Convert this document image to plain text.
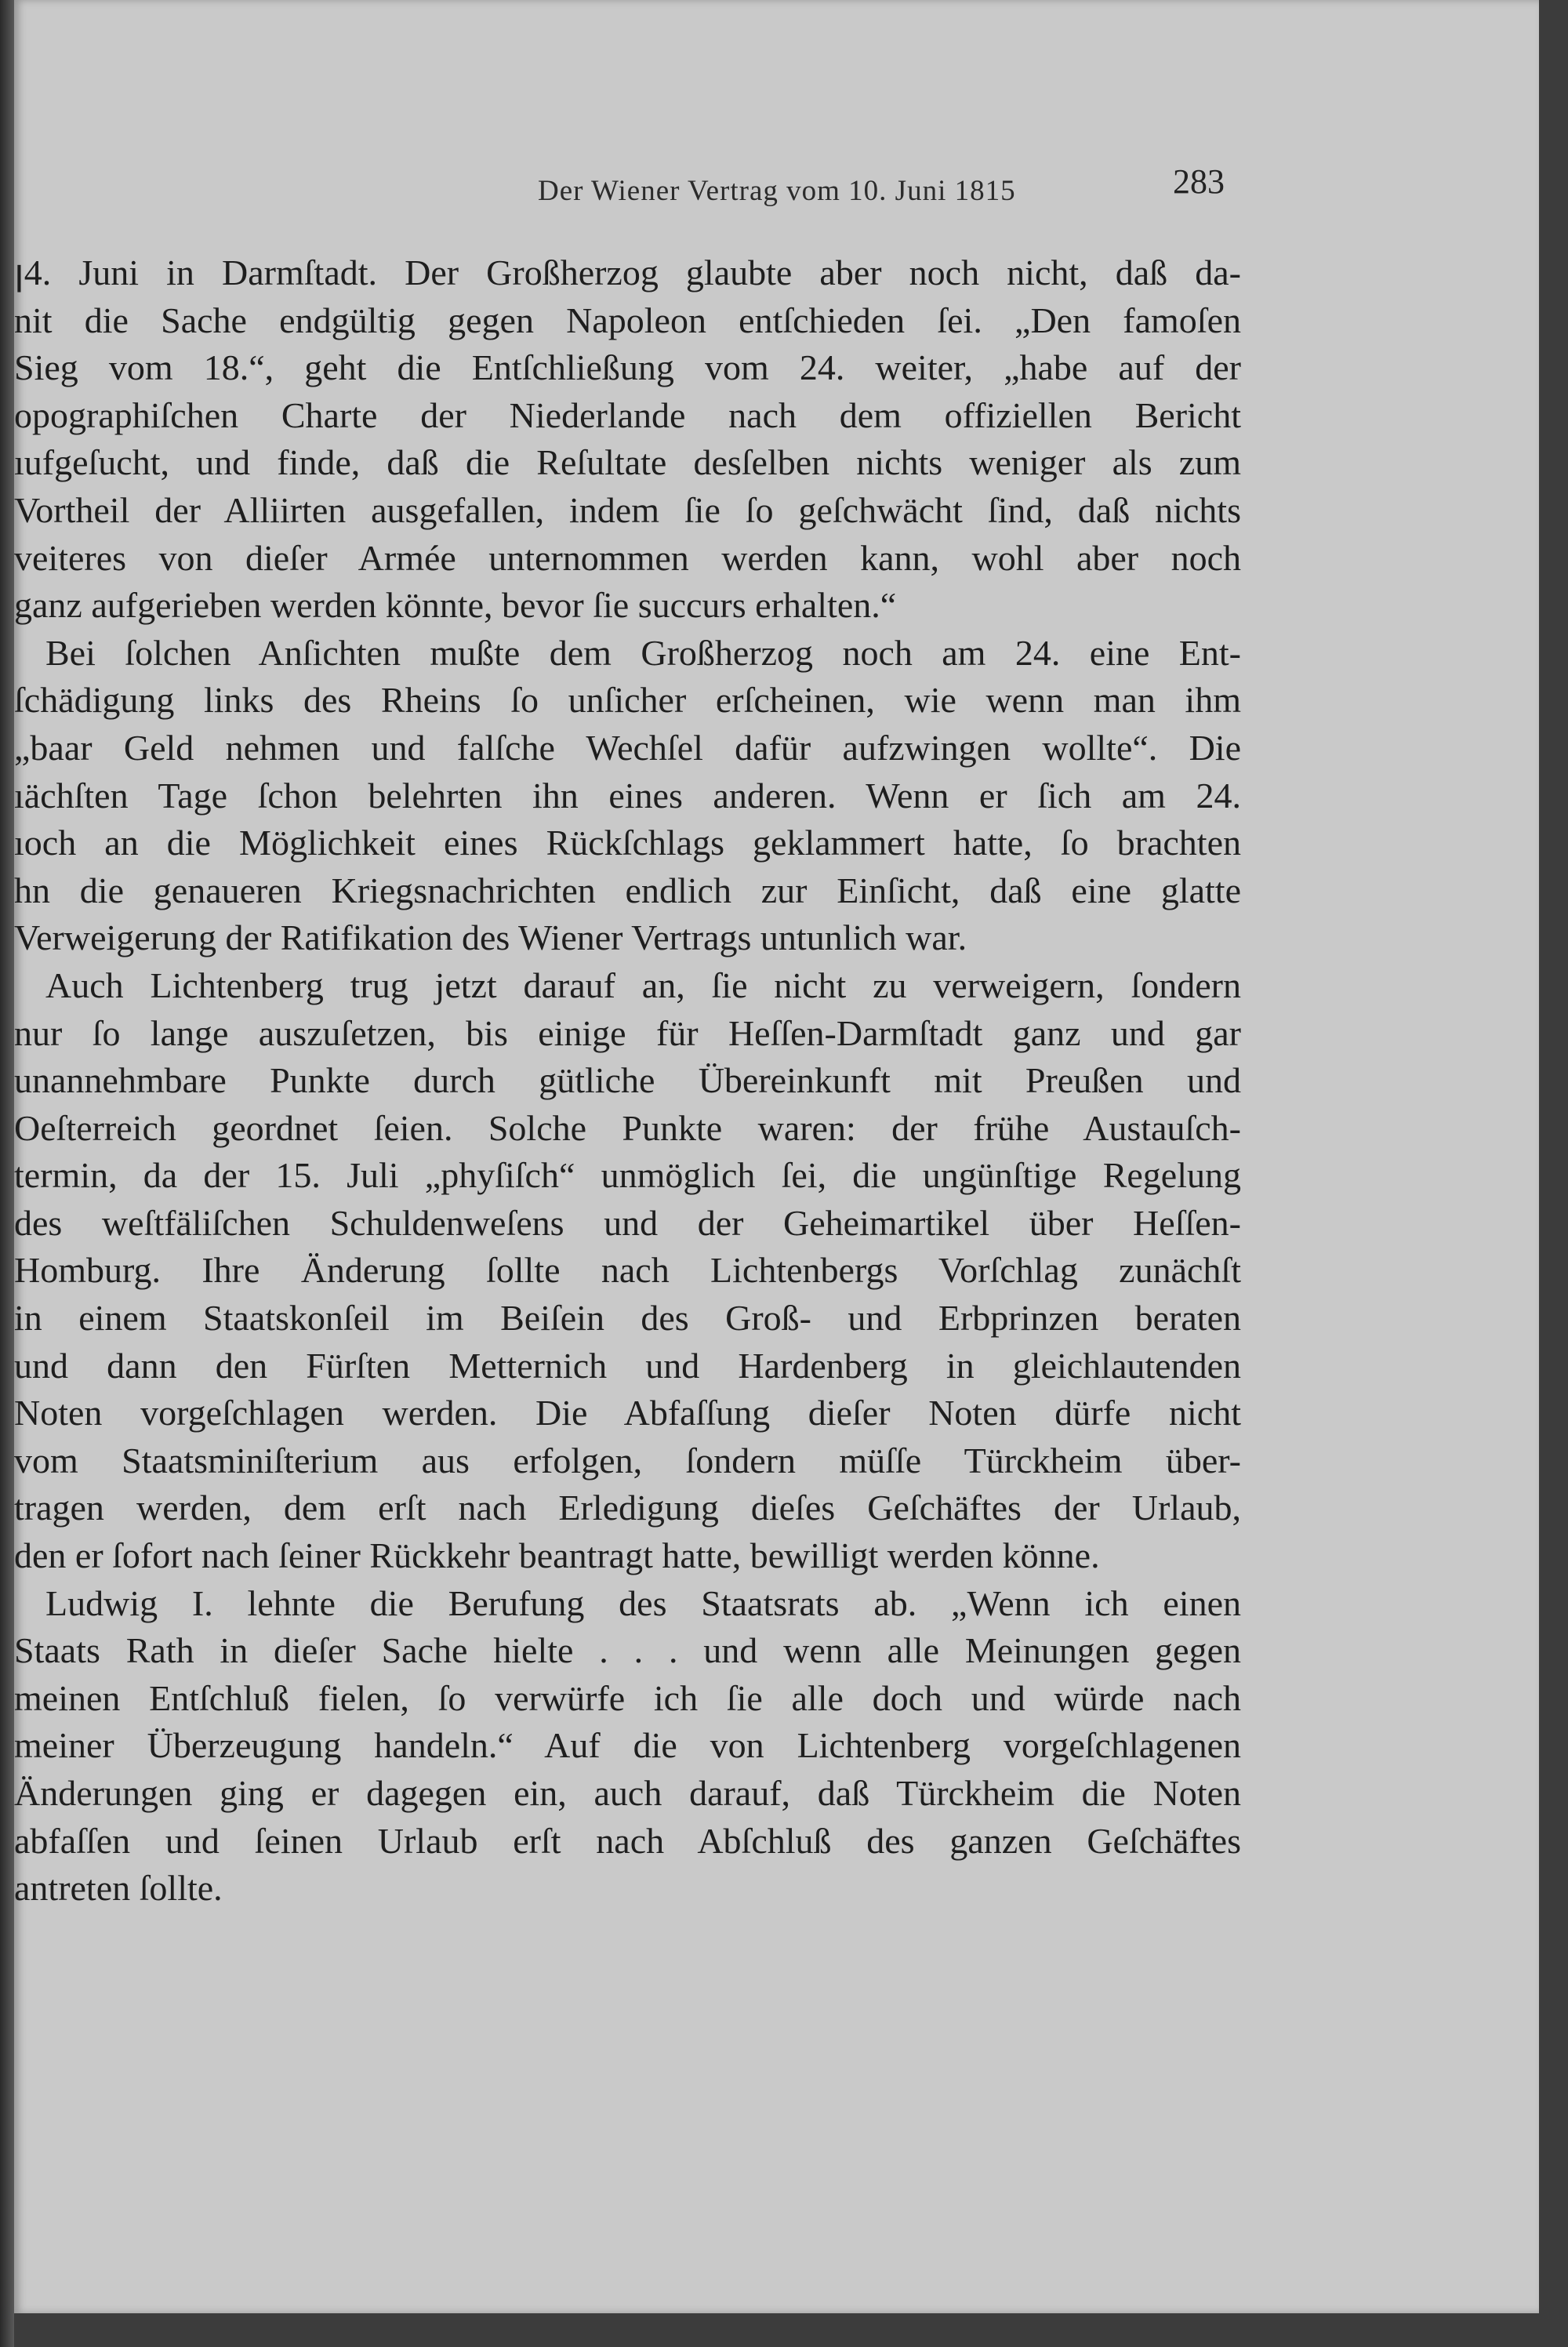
Der Wiener Vertrag vom 10. Juni 1815	283
ꞁ4. Juni in Darmſtadt. Der Großherzog glaubte aber noch nicht, daß da-
nit die Sache endgültig gegen Napoleon entſchieden ſei. „Den famoſen
Sieg vom 18.“, geht die Entſchließung vom 24. weiter, „habe auf der
opographiſchen Charte der Niederlande nach dem offiziellen Bericht
ıufgeſucht, und finde, daß die Reſultate desſelben nichts weniger als zum
Vortheil der Alliirten ausgefallen, indem ſie ſo geſchwächt ſind, daß nichts
veiteres von dieſer Armée unternommen werden kann, wohl aber noch
ganz aufgerieben werden könnte, bevor ſie succurs erhalten.“
Bei ſolchen Anſichten mußte dem Großherzog noch am 24. eine Ent-
ſchädigung links des Rheins ſo unſicher erſcheinen, wie wenn man ihm
„baar Geld nehmen und falſche Wechſel dafür aufzwingen wollte“. Die
ıächſten Tage ſchon belehrten ihn eines anderen. Wenn er ſich am 24.
ıoch an die Möglichkeit eines Rückſchlags geklammert hatte, ſo brachten
hn die genaueren Kriegsnachrichten endlich zur Einſicht, daß eine glatte
Verweigerung der Ratifikation des Wiener Vertrags untunlich war.
Auch Lichtenberg trug jetzt darauf an, ſie nicht zu verweigern, ſondern
nur ſo lange auszuſetzen, bis einige für Heſſen-Darmſtadt ganz und gar
unannehmbare Punkte durch gütliche Übereinkunft mit Preußen und
Oeſterreich geordnet ſeien. Solche Punkte waren: der frühe Austauſch-
termin, da der 15. Juli „phyſiſch“ unmöglich ſei, die ungünſtige Regelung
des weſtfäliſchen Schuldenweſens und der Geheimartikel über Heſſen-
Homburg. Ihre Änderung ſollte nach Lichtenbergs Vorſchlag zunächſt
in einem Staatskonſeil im Beiſein des Groß- und Erbprinzen beraten
und dann den Fürſten Metternich und Hardenberg in gleichlautenden
Noten vorgeſchlagen werden. Die Abfaſſung dieſer Noten dürfe nicht
vom Staatsminiſterium aus erfolgen, ſondern müſſe Türckheim über-
tragen werden, dem erſt nach Erledigung dieſes Geſchäftes der Urlaub,
den er ſofort nach ſeiner Rückkehr beantragt hatte, bewilligt werden könne.
Ludwig I. lehnte die Berufung des Staatsrats ab. „Wenn ich einen
Staats Rath in dieſer Sache hielte . . . und wenn alle Meinungen gegen
meinen Entſchluß fielen, ſo verwürfe ich ſie alle doch und würde nach
meiner Überzeugung handeln.“ Auf die von Lichtenberg vorgeſchlagenen
Änderungen ging er dagegen ein, auch darauf, daß Türckheim die Noten
abfaſſen und ſeinen Urlaub erſt nach Abſchluß des ganzen Geſchäftes
antreten ſollte.
